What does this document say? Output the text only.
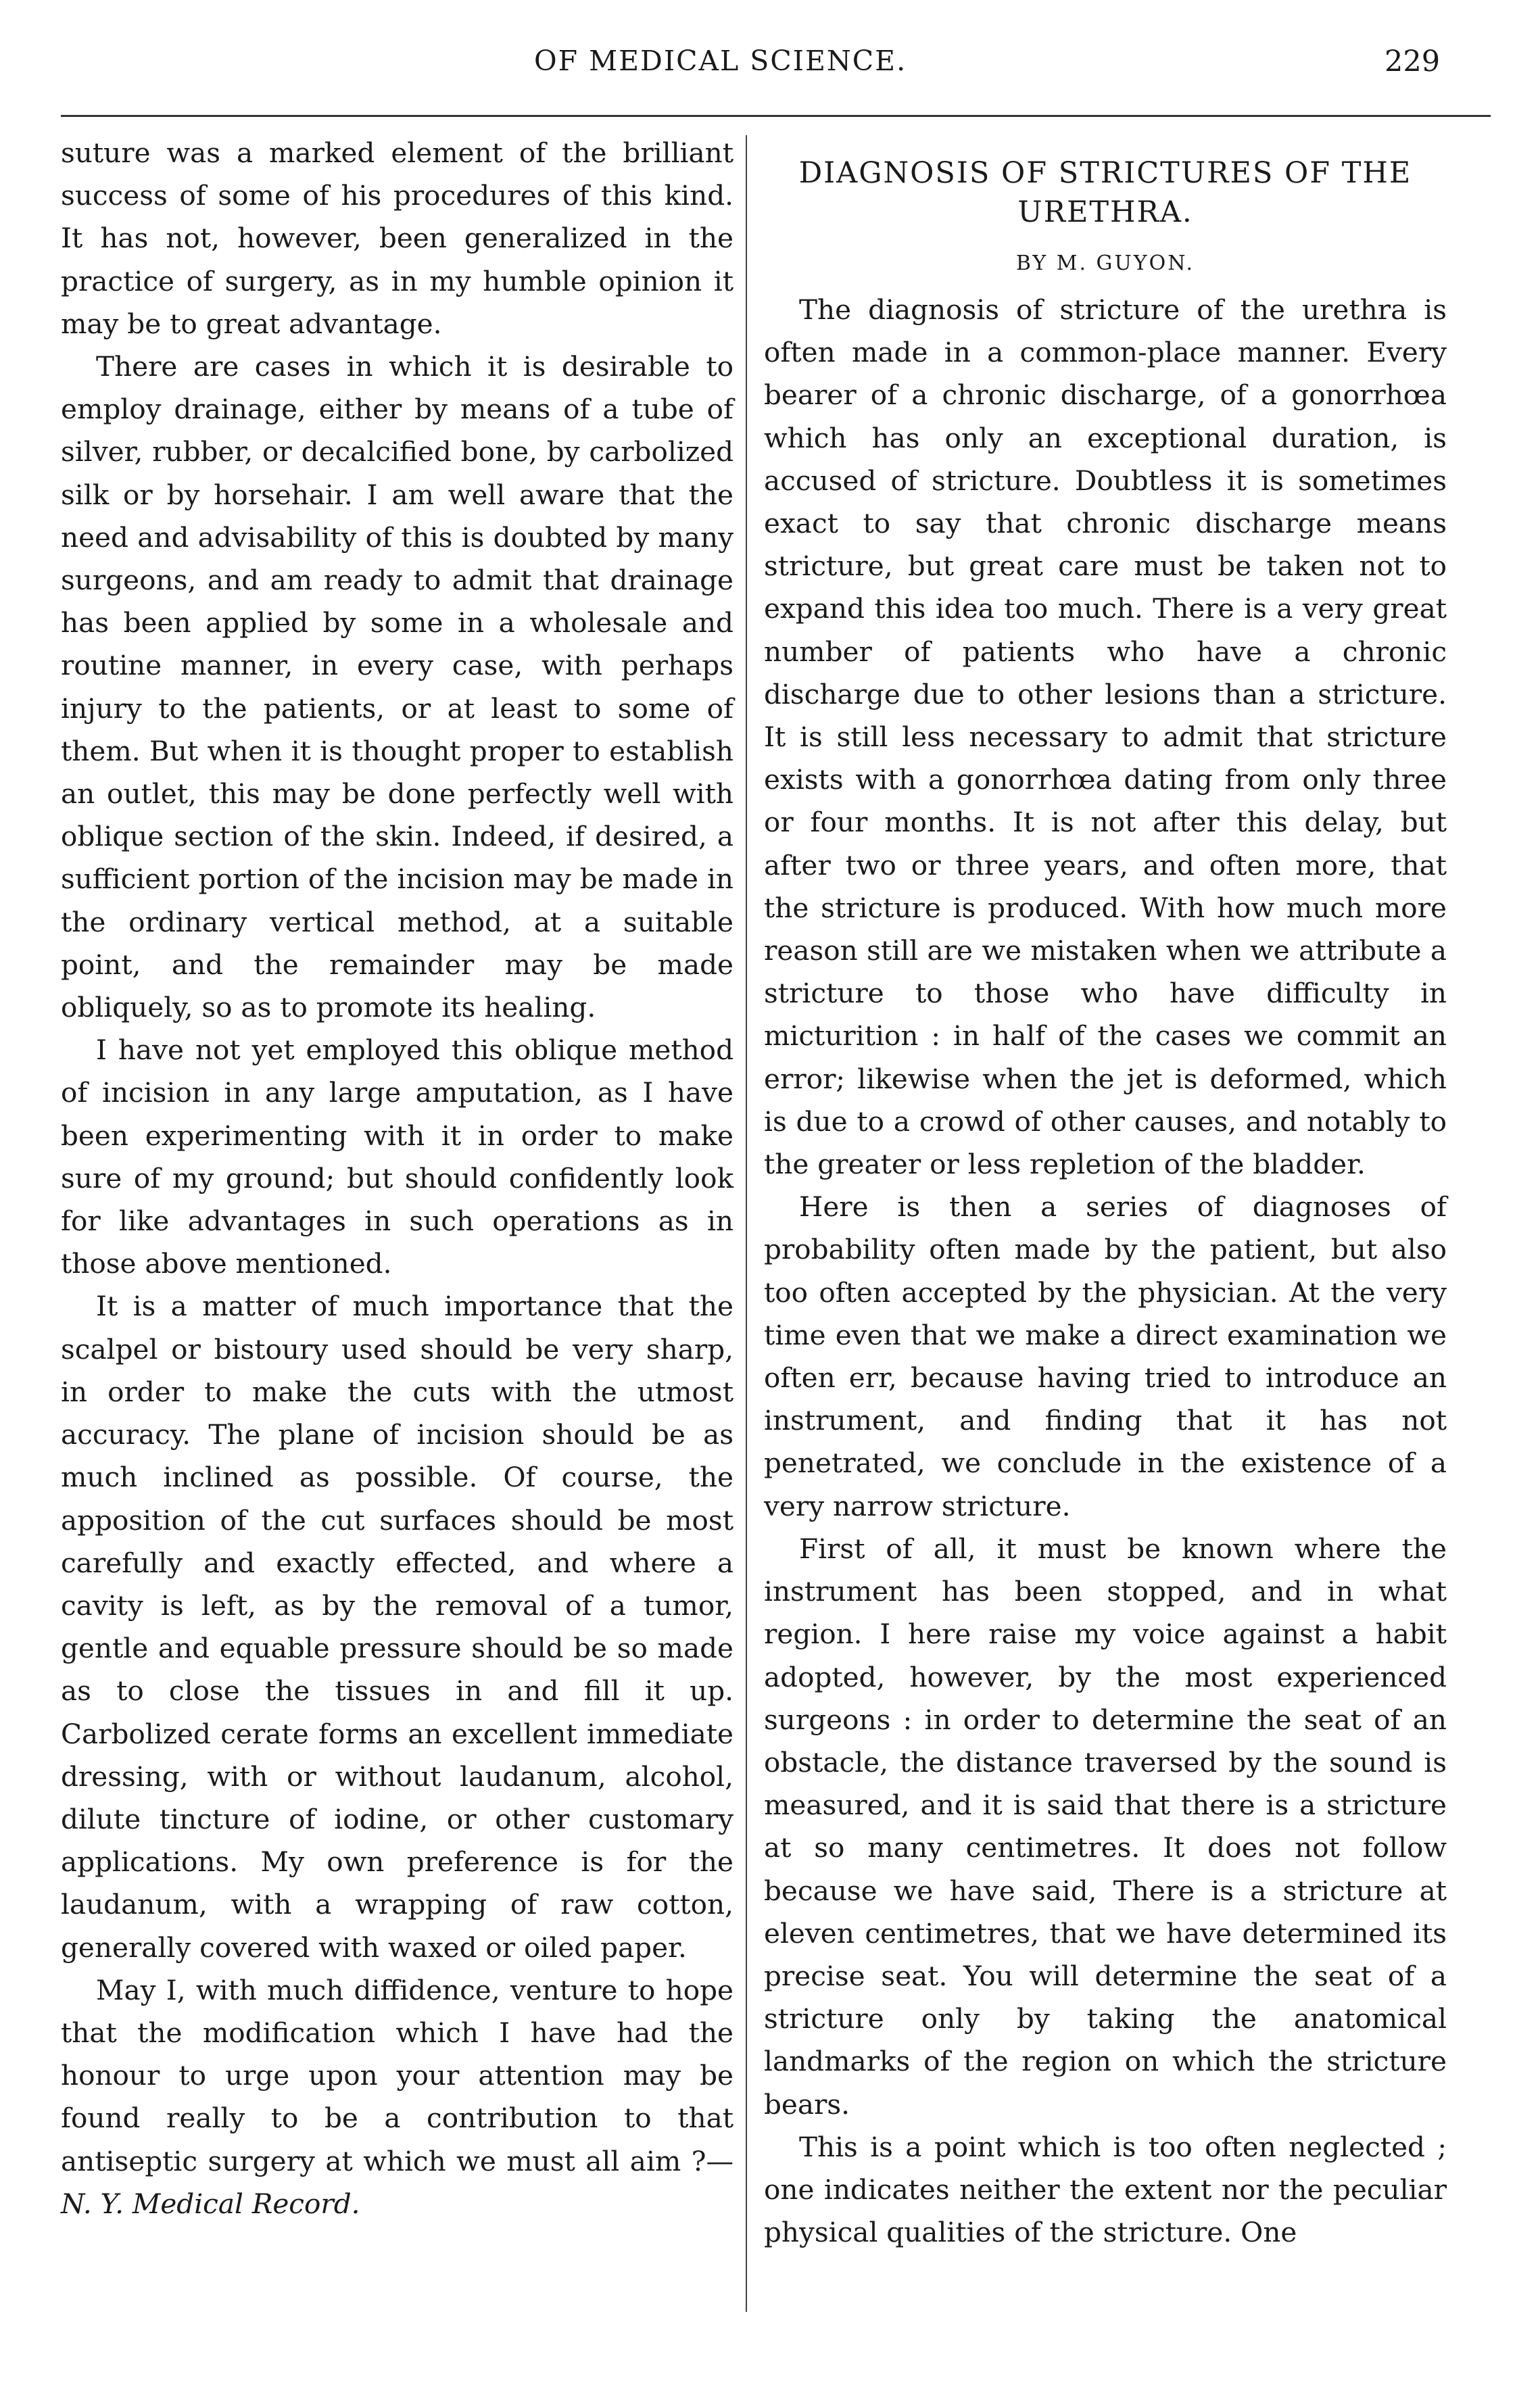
OF MEDICAL SCIENCE.	229

suture was a marked element of the brilliant success of some of his procedures of this kind. It has not, however, been generalized in the practice of surgery, as in my humble opinion it may be to great advantage.

There are cases in which it is desirable to employ drainage, either by means of a tube of silver, rubber, or decalcified bone, by carbolized silk or by horsehair. I am well aware that the need and advisability of this is doubted by many surgeons, and am ready to admit that drainage has been applied by some in a wholesale and routine manner, in every case, with perhaps injury to the patients, or at least to some of them. But when it is thought proper to establish an outlet, this may be done perfectly well with oblique section of the skin. Indeed, if desired, a sufficient portion of the incision may be made in the ordinary vertical method, at a suitable point, and the remainder may be made obliquely, so as to promote its healing.

I have not yet employed this oblique method of incision in any large amputation, as I have been experimenting with it in order to make sure of my ground; but should confidently look for like advantages in such operations as in those above mentioned.

It is a matter of much importance that the scalpel or bistoury used should be very sharp, in order to make the cuts with the utmost accuracy. The plane of incision should be as much inclined as possible. Of course, the apposition of the cut surfaces should be most carefully and exactly effected, and where a cavity is left, as by the removal of a tumor, gentle and equable pressure should be so made as to close the tissues in and fill it up. Carbolized cerate forms an excellent immediate dressing, with or without laudanum, alcohol, dilute tincture of iodine, or other customary applications. My own preference is for the laudanum, with a wrapping of raw cotton, generally covered with waxed or oiled paper.

May I, with much diffidence, venture to hope that the modification which I have had the honour to urge upon your attention may be found really to be a contribution to that antiseptic surgery at which we must all aim ?—N. Y. Medical Record.

DIAGNOSIS OF STRICTURES OF THE URETHRA.
BY M. GUYON.

The diagnosis of stricture of the urethra is often made in a common-place manner. Every bearer of a chronic discharge, of a gonorrhœa which has only an exceptional duration, is accused of stricture. Doubtless it is sometimes exact to say that chronic discharge means stricture, but great care must be taken not to expand this idea too much. There is a very great number of patients who have a chronic discharge due to other lesions than a stricture. It is still less necessary to admit that stricture exists with a gonorrhœa dating from only three or four months. It is not after this delay, but after two or three years, and often more, that the stricture is produced. With how much more reason still are we mistaken when we attribute a stricture to those who have difficulty in micturition : in half of the cases we commit an error; likewise when the jet is deformed, which is due to a crowd of other causes, and notably to the greater or less repletion of the bladder.

Here is then a series of diagnoses of probability often made by the patient, but also too often accepted by the physician. At the very time even that we make a direct examination we often err, because having tried to introduce an instrument, and finding that it has not penetrated, we conclude in the existence of a very narrow stricture.

First of all, it must be known where the instrument has been stopped, and in what region. I here raise my voice against a habit adopted, however, by the most experienced surgeons : in order to determine the seat of an obstacle, the distance traversed by the sound is measured, and it is said that there is a stricture at so many centimetres. It does not follow because we have said, There is a stricture at eleven centimetres, that we have determined its precise seat. You will determine the seat of a stricture only by taking the anatomical landmarks of the region on which the stricture bears.

This is a point which is too often neglected ; one indicates neither the extent nor the peculiar physical qualities of the stricture. One
